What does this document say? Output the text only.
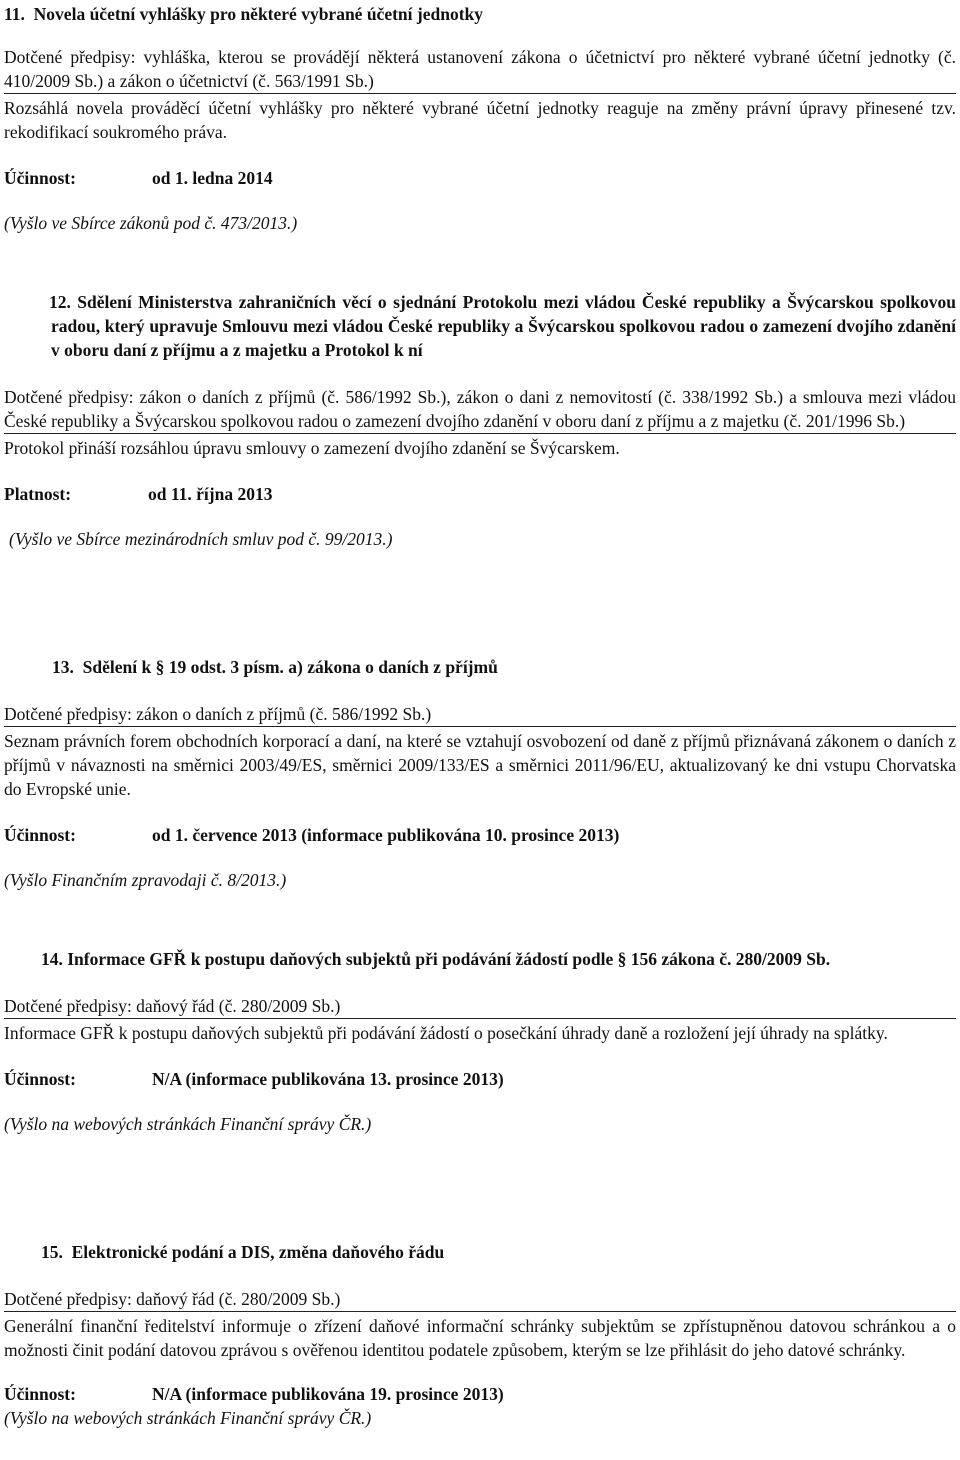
11. Novela účetní vyhlášky pro některé vybrané účetní jednotky

Dotčené předpisy: vyhláška, kterou se provádějí některá ustanovení zákona o účetnictví pro některé vybrané účetní jednotky (č. 410/2009 Sb.) a zákon o účetnictví (č. 563/1991 Sb.)

Rozsáhlá novela prováděcí účetní vyhlášky pro některé vybrané účetní jednotky reaguje na změny právní úpravy přinesené tzv. rekodifikací soukromého práva.

Účinnost:	od 1. ledna 2014

(Vyšlo ve Sbírce zákonů pod č. 473/2013.)

12. Sdělení Ministerstva zahraničních věcí o sjednání Protokolu mezi vládou České republiky a Švýcarskou spolkovou radou, který upravuje Smlouvu mezi vládou České republiky a Švýcarskou spolkovou radou o zamezení dvojího zdanění v oboru daní z příjmu a z majetku a Protokol k ní

Dotčené předpisy: zákon o daních z příjmů (č. 586/1992 Sb.), zákon o dani z nemovitostí (č. 338/1992 Sb.) a smlouva mezi vládou České republiky a Švýcarskou spolkovou radou o zamezení dvojího zdanění v oboru daní z příjmu a z majetku (č. 201/1996 Sb.)

Protokol přináší rozsáhlou úpravu smlouvy o zamezení dvojího zdanění se Švýcarskem.

Platnost:	od 11. října 2013

(Vyšlo ve Sbírce mezinárodních smluv pod č. 99/2013.)

13. Sdělení k § 19 odst. 3 písm. a) zákona o daních z příjmů

Dotčené předpisy: zákon o daních z příjmů (č. 586/1992 Sb.)

Seznam právních forem obchodních korporací a daní, na které se vztahují osvobození od daně z příjmů přiznávaná zákonem o daních z příjmů v návaznosti na směrnici 2003/49/ES, směrnici 2009/133/ES a směrnici 2011/96/EU, aktualizovaný ke dni vstupu Chorvatska do Evropské unie.

Účinnost:	od 1. července 2013 (informace publikována 10. prosince 2013)

(Vyšlo Finančním zpravodaji č. 8/2013.)

14. Informace GFŘ k postupu daňových subjektů při podávání žádostí podle § 156 zákona č. 280/2009 Sb.

Dotčené předpisy: daňový řád (č. 280/2009 Sb.)

Informace GFŘ k postupu daňových subjektů při podávání žádostí o posečkání úhrady daně a rozložení její úhrady na splátky.

Účinnost:	N/A (informace publikována 13. prosince 2013)

(Vyšlo na webových stránkách Finanční správy ČR.)

15. Elektronické podání a DIS, změna daňového řádu

Dotčené předpisy: daňový řád (č. 280/2009 Sb.)

Generální finanční ředitelství informuje o zřízení daňové informační schránky subjektům se zpřístupněnou datovou schránkou a o možnosti činit podání datovou zprávou s ověřenou identitou podatele způsobem, kterým se lze přihlásit do jeho datové schránky.

Účinnost:	N/A (informace publikována 19. prosince 2013)

(Vyšlo na webových stránkách Finanční správy ČR.)
